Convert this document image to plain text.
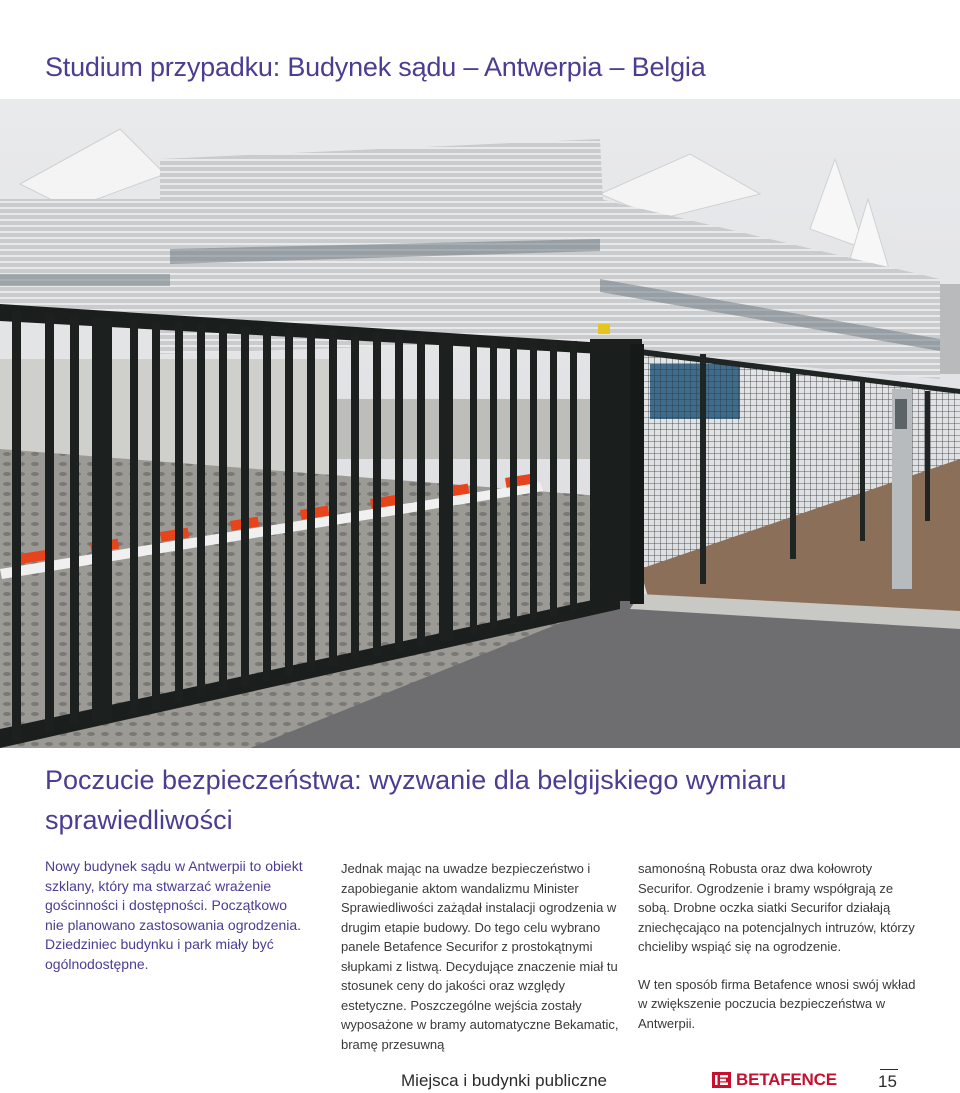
Studium przypadku: Budynek sądu – Antwerpia – Belgia
Poczucie bezpieczeństwa: wyzwanie dla belgijskiego wymiaru sprawiedliwości
Nowy budynek sądu w Antwerpii to obiekt szklany, który ma stwarzać wrażenie gościnności i dostępności. Początkowo nie planowano zastosowania ogrodzenia. Dziedziniec budynku i park miały być ogólnodostępne.

Jednak mając na uwadze bezpieczeństwo i zapobieganie aktom wandalizmu Minister Sprawiedliwości zażądał instalacji ogrodzenia w drugim etapie budowy. Do tego celu wybrano panele Betafence Securifor z prostokątnymi słupkami z listwą. Decydujące znaczenie miał tu stosunek ceny do jakości oraz względy estetyczne. Poszczególne wejścia zostały wyposażone w bramy automatyczne Bekamatic, bramę przesuwną

samonośną Robusta oraz dwa kołowroty Securifor. Ogrodzenie i bramy współgrają ze sobą. Drobne oczka siatki Securifor działają zniechęcająco na potencjalnych intruzów, którzy chcieliby wspiąć się na ogrodzenie.

W ten sposób firma Betafence wnosi swój wkład w zwiększenie poczucia bezpieczeństwa w Antwerpii.

Miejsca i budynki publiczne	BETAFENCE 15
